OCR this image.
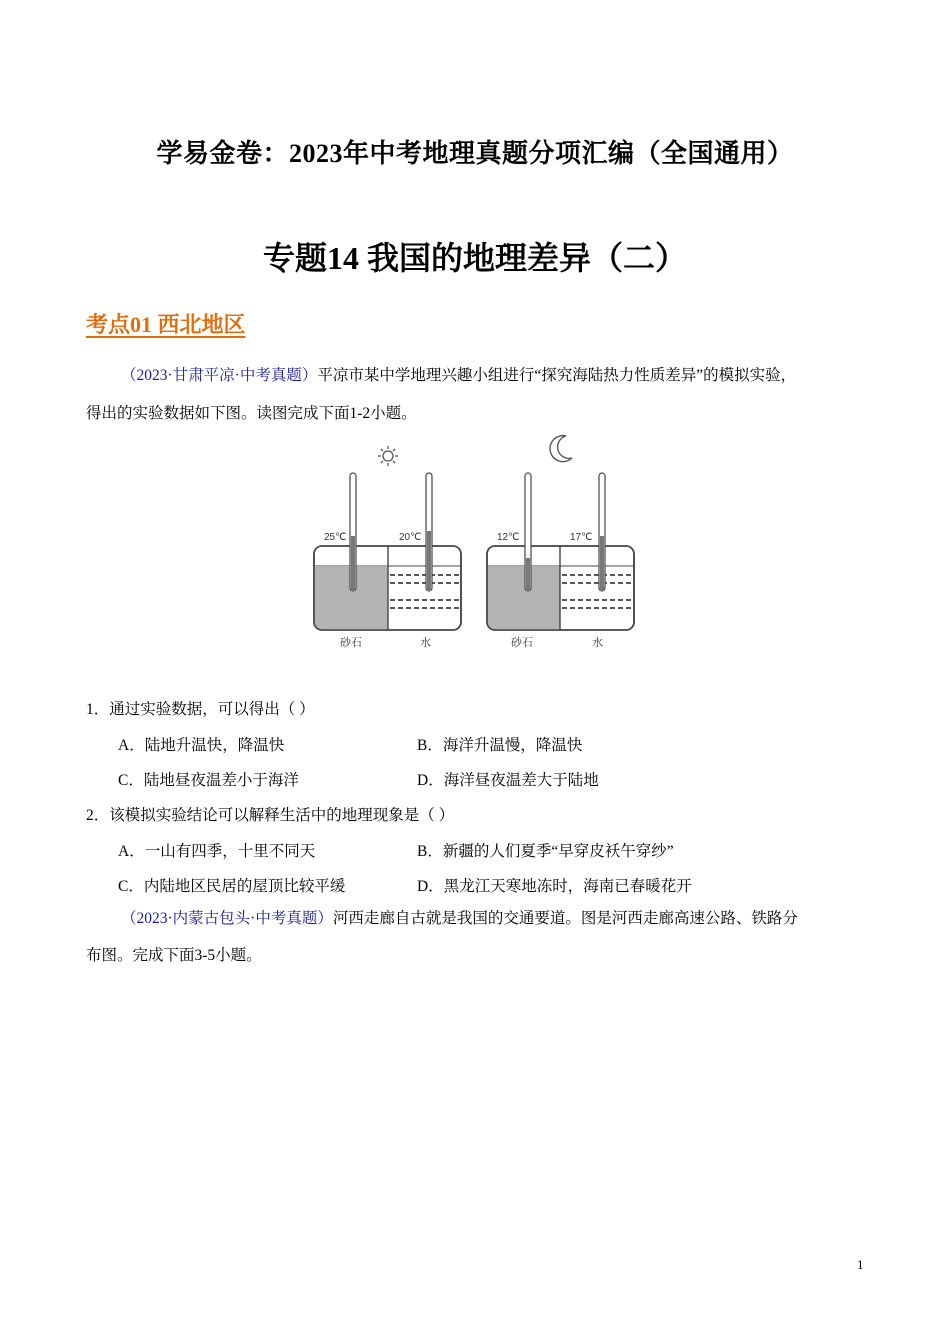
学易金卷：2023年中考地理真题分项汇编（全国通用）
专题14 我国的地理差异（二）
考点01 西北地区
（2023·甘肃平凉·中考真题）平凉市某中学地理兴趣小组进行“探究海陆热力性质差异”的模拟实验，
得出的实验数据如下图。读图完成下面1-2小题。
25℃	20℃
砂石	水
12℃	17℃
砂石	水
1．通过实验数据，可以得出（ ）
A．陆地升温快，降温快	B．海洋升温慢，降温快
C．陆地昼夜温差小于海洋	D．海洋昼夜温差大于陆地
2．该模拟实验结论可以解释生活中的地理现象是（ ）
A．一山有四季，十里不同天	B．新疆的人们夏季“早穿皮袄午穿纱”
C．内陆地区民居的屋顶比较平缓	D．黑龙江天寒地冻时，海南已春暖花开
（2023·内蒙古包头·中考真题）河西走廊自古就是我国的交通要道。图是河西走廊高速公路、铁路分
布图。完成下面3-5小题。
1
